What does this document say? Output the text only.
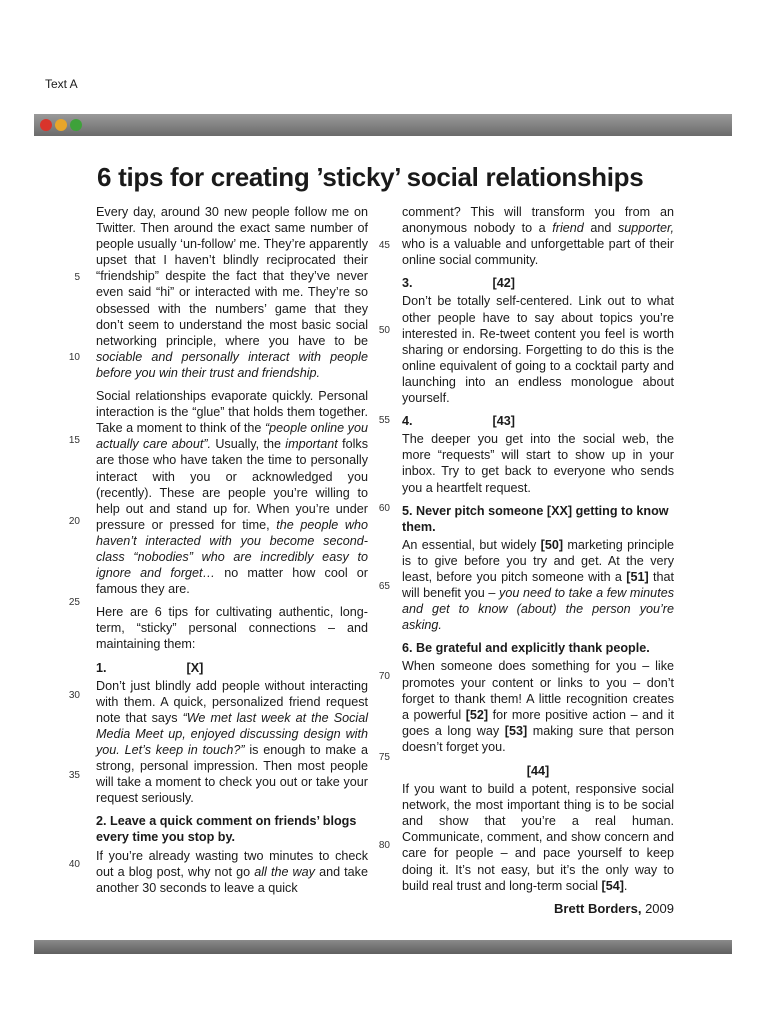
Text A
6 tips for creating ’sticky’ social relationships

Every day, around 30 new people follow me on Twitter. Then around the exact same number of people usually ‘un-follow’ me. They’re apparently upset that I haven’t blindly reciprocated their “friendship” despite the fact that they’ve never even said “hi” or interacted with me. They’re so obsessed with the numbers’ game that they don’t seem to understand the most basic social networking principle, where you have to be sociable and personally interact with people before you win their trust and friendship.

Social relationships evaporate quickly. Personal interaction is the “glue” that holds them together. Take a moment to think of the “people online you actually care about”. Usually, the important folks are those who have taken the time to personally interact with you or acknowledged you (recently). These are people you’re willing to help out and stand up for. When you’re under pressure or pressed for time, the people who haven’t interacted with you become second-class “nobodies” who are incredibly easy to ignore and forget… no matter how cool or famous they are.

Here are 6 tips for cultivating authentic, long-term, “sticky” personal connections – and maintaining them:

1.	[X]

Don’t just blindly add people without interacting with them. A quick, personalized friend request note that says “We met last week at the Social Media Meet up, enjoyed discussing design with you. Let’s keep in touch?” is enough to make a strong, personal impression. Then most people will take a moment to check you out or take your request seriously.

2. Leave a quick comment on friends’ blogs every time you stop by.

If you’re already wasting two minutes to check out a blog post, why not go all the way and take another 30 seconds to leave a quick

5
10
15
20
25
30
35
40

comment? This will transform you from an anonymous nobody to a friend and supporter, who is a valuable and unforgettable part of their online social community.

3.	[42]

Don’t be totally self-centered. Link out to what other people have to say about topics you’re interested in. Re-tweet content you feel is worth sharing or endorsing. Forgetting to do this is the online equivalent of going to a cocktail party and launching into an endless monologue about yourself.

4.	[43]

The deeper you get into the social web, the more “requests” will start to show up in your inbox. Try to get back to everyone who sends you a heartfelt request.

5. Never pitch someone [XX] getting to know them.

An essential, but widely [50] marketing principle is to give before you try and get. At the very least, before you pitch someone with a [51] that will benefit you – you need to take a few minutes and get to know (about) the person you’re asking.

6. Be grateful and explicitly thank people.

When someone does something for you – like promotes your content or links to you – don’t forget to thank them! A little recognition creates a powerful [52] for more positive action – and it goes a long way [53] making sure that person doesn’t forget you.

[44]

If you want to build a potent, responsive social network, the most important thing is to be social and show that you’re a real human. Communicate, comment, and show concern and care for people – and pace yourself to keep doing it. It’s not easy, but it’s the only way to build real trust and long-term social [54].

Brett Borders, 2009
45
50
55
60
65
70
75
80
